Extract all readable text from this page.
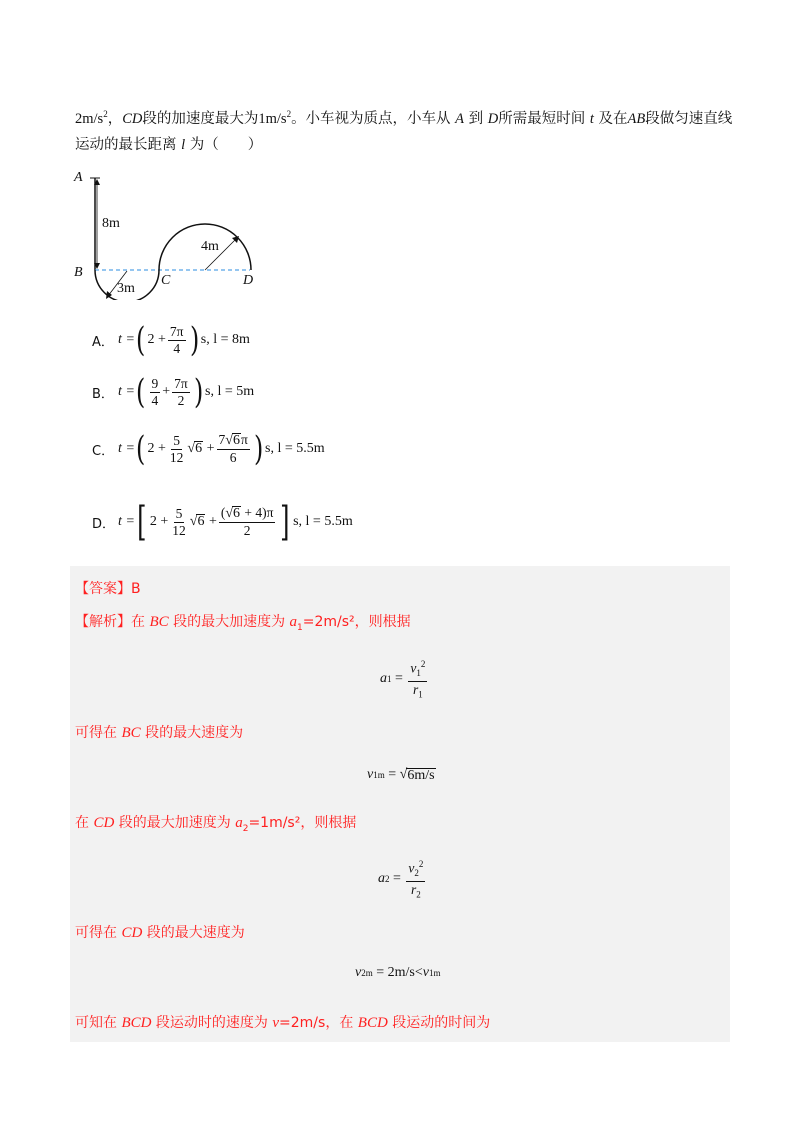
$2m/s^2$，CD段的加速度最大为$1m/s^2$。小车视为质点，小车从 A 到 D所需最短时间 t 及在AB段做匀速直线
运动的最长距离 l 为（　　）
A
8m
B
C	D
3m
4m
A． t
= ( $2 + \frac{7\pi}{4}$ ) s, l = 8m
B． t
= ( $\frac{9}{4} + \frac{7\pi}{2}$ ) s, l = 5m
C． t
= ( $2 + \frac{5}{12} √6 + \frac{7√6\pi}{6}$ ) s, l = 5.5m
D． t
= [ $2 + \frac{5}{12} √6 + \frac{(√6 + 4)\pi}{2}$ ] s, l = 5.5m
【答案】B
【解析】在 BC 段的最大加速度为 $a_1=2m/s^2$，则根据
a $1 = \frac{v_1^2}{r_1}$
可得在 BC 段的最大速度为
v 1m = √ 6m/s
在 CD 段的最大加速度为 $a_2=1m/s^2$，则根据
a $2 = \frac{v_2^2}{r_2}$
可得在 CD 段的最大速度为
v 2m = 2m/s< v 1m
可知在 BCD 段运动时的速度为 v=2m/s，在 BCD 段运动的时间为
